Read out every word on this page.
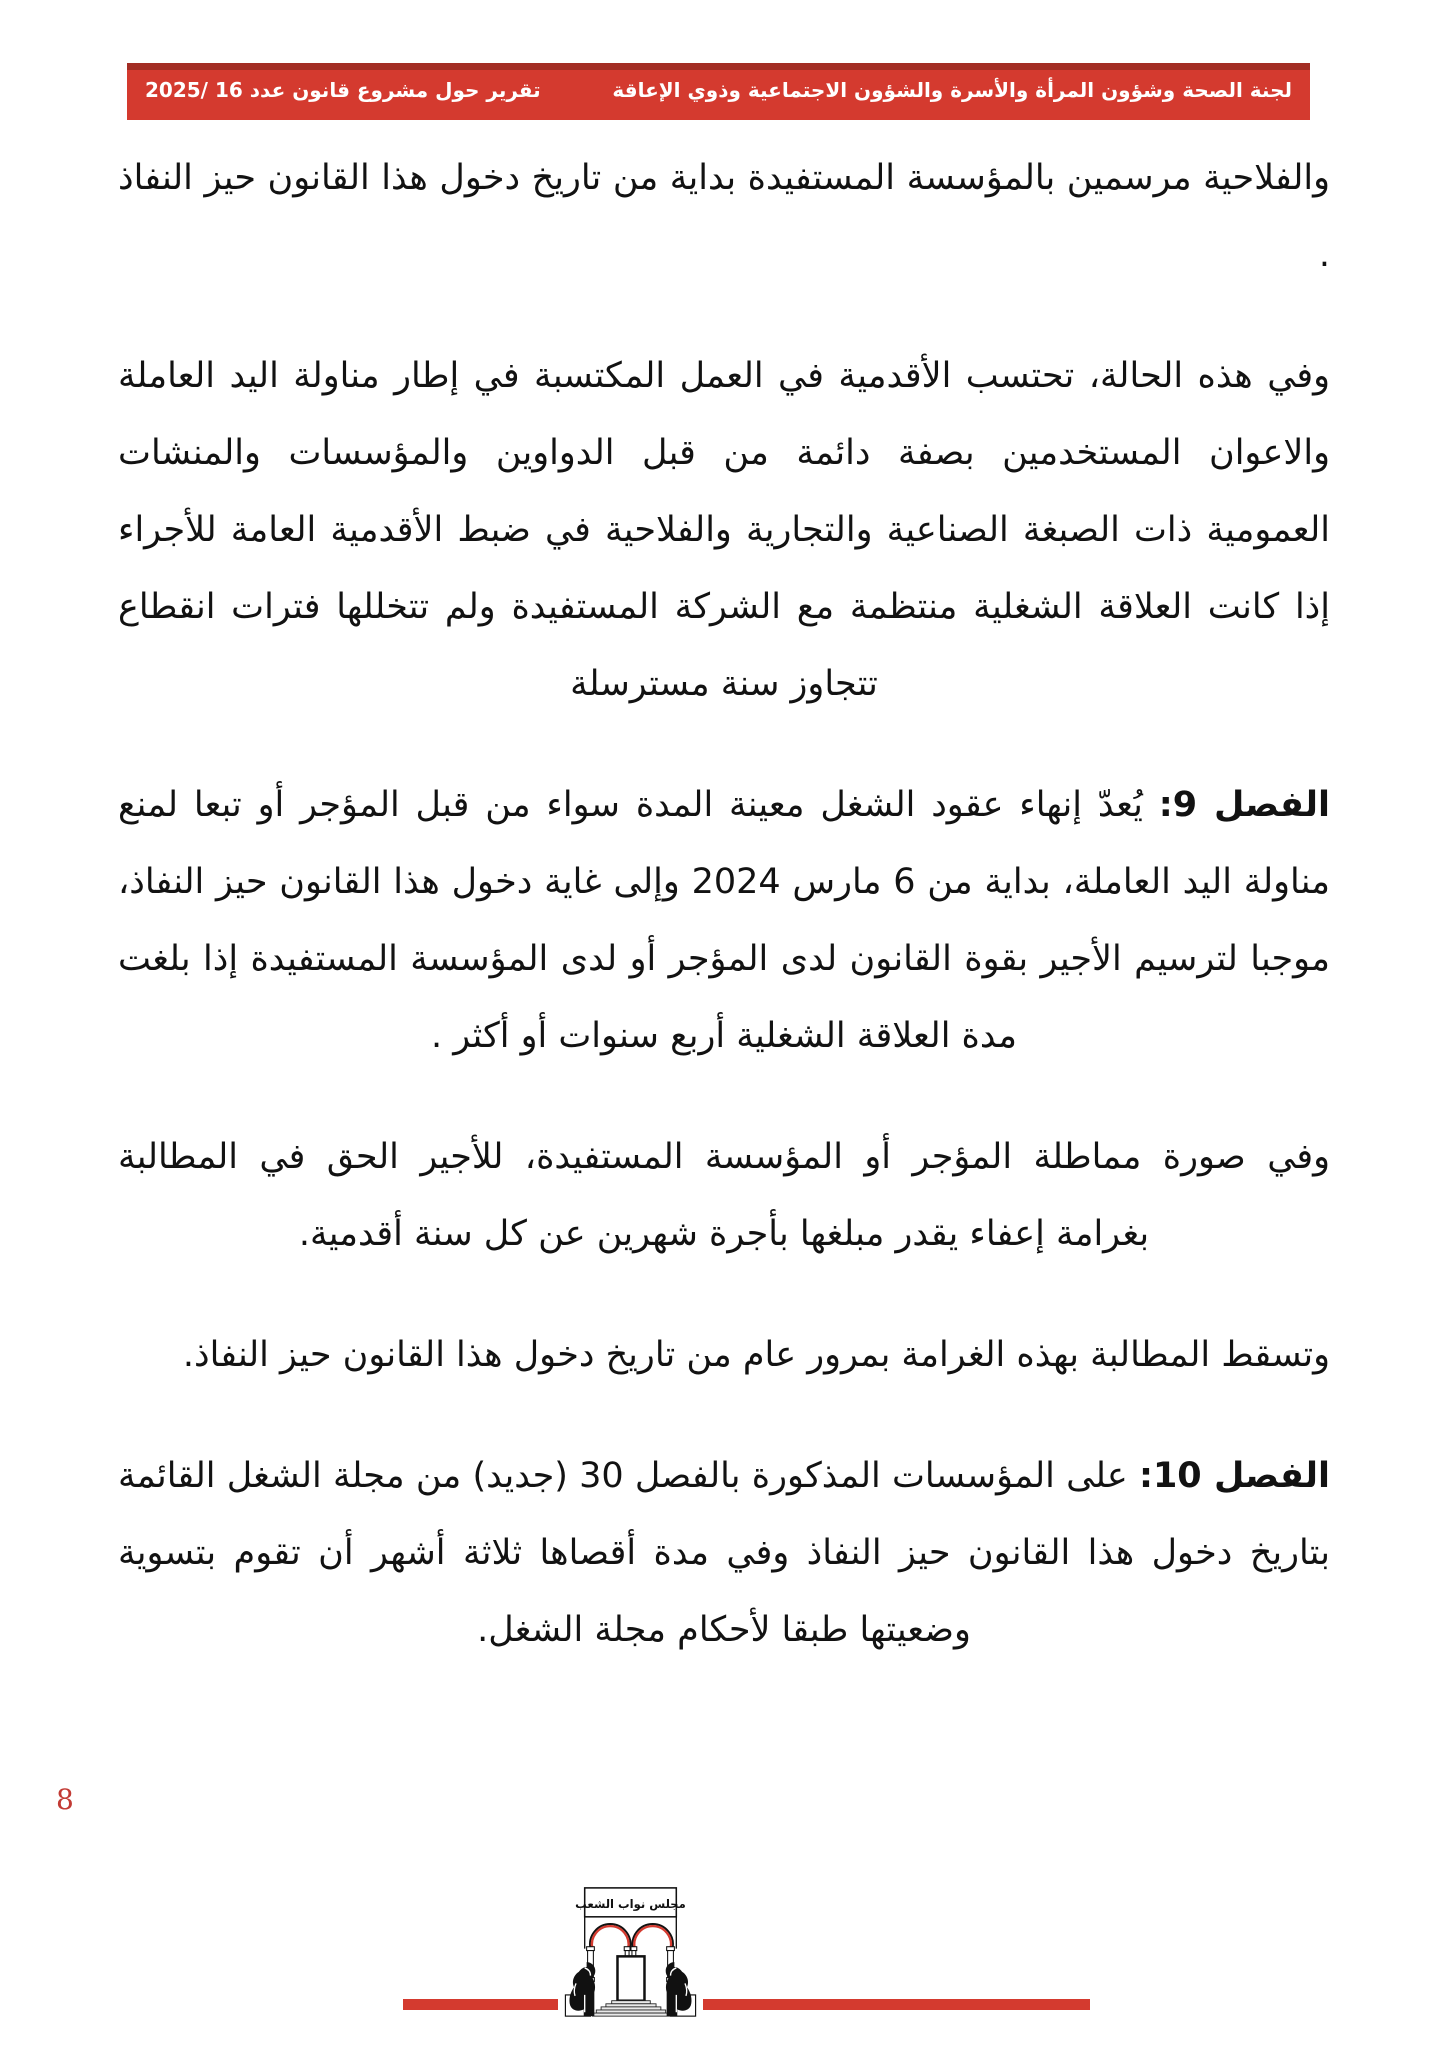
لجنة الصحة وشؤون المرأة والأسرة والشؤون الاجتماعية وذوي الإعاقة
تقرير حول مشروع قانون عدد 16 /2025

والفلاحية مرسمين بالمؤسسة المستفيدة بداية من تاريخ دخول هذا القانون حيز النفاذ .

وفي هذه الحالة، تحتسب الأقدمية في العمل المكتسبة في إطار مناولة اليد العاملة والاعوان المستخدمين بصفة دائمة من قبل الدواوين والمؤسسات والمنشات العمومية ذات الصبغة الصناعية والتجارية والفلاحية في ضبط الأقدمية العامة للأجراء إذا كانت العلاقة الشغلية منتظمة مع الشركة المستفيدة ولم تتخللها فترات انقطاع تتجاوز سنة مسترسلة

الفصل 9: يُعدّ إنهاء عقود الشغل معينة المدة سواء من قبل المؤجر أو تبعا لمنع مناولة اليد العاملة، بداية من 6 مارس 2024 وإلى غاية دخول هذا القانون حيز النفاذ، موجبا لترسيم الأجير بقوة القانون لدى المؤجر أو لدى المؤسسة المستفيدة إذا بلغت مدة العلاقة الشغلية أربع سنوات أو أكثر .

وفي صورة مماطلة المؤجر أو المؤسسة المستفيدة، للأجير الحق في المطالبة بغرامة إعفاء يقدر مبلغها بأجرة شهرين عن كل سنة أقدمية.

وتسقط المطالبة بهذه الغرامة بمرور عام من تاريخ دخول هذا القانون حيز النفاذ.

الفصل 10: على المؤسسات المذكورة بالفصل 30 (جديد) من مجلة الشغل القائمة بتاريخ دخول هذا القانون حيز النفاذ وفي مدة أقصاها ثلاثة أشهر أن تقوم بتسوية وضعيتها طبقا لأحكام مجلة الشغل.

8
مجلس نواب الشعب
